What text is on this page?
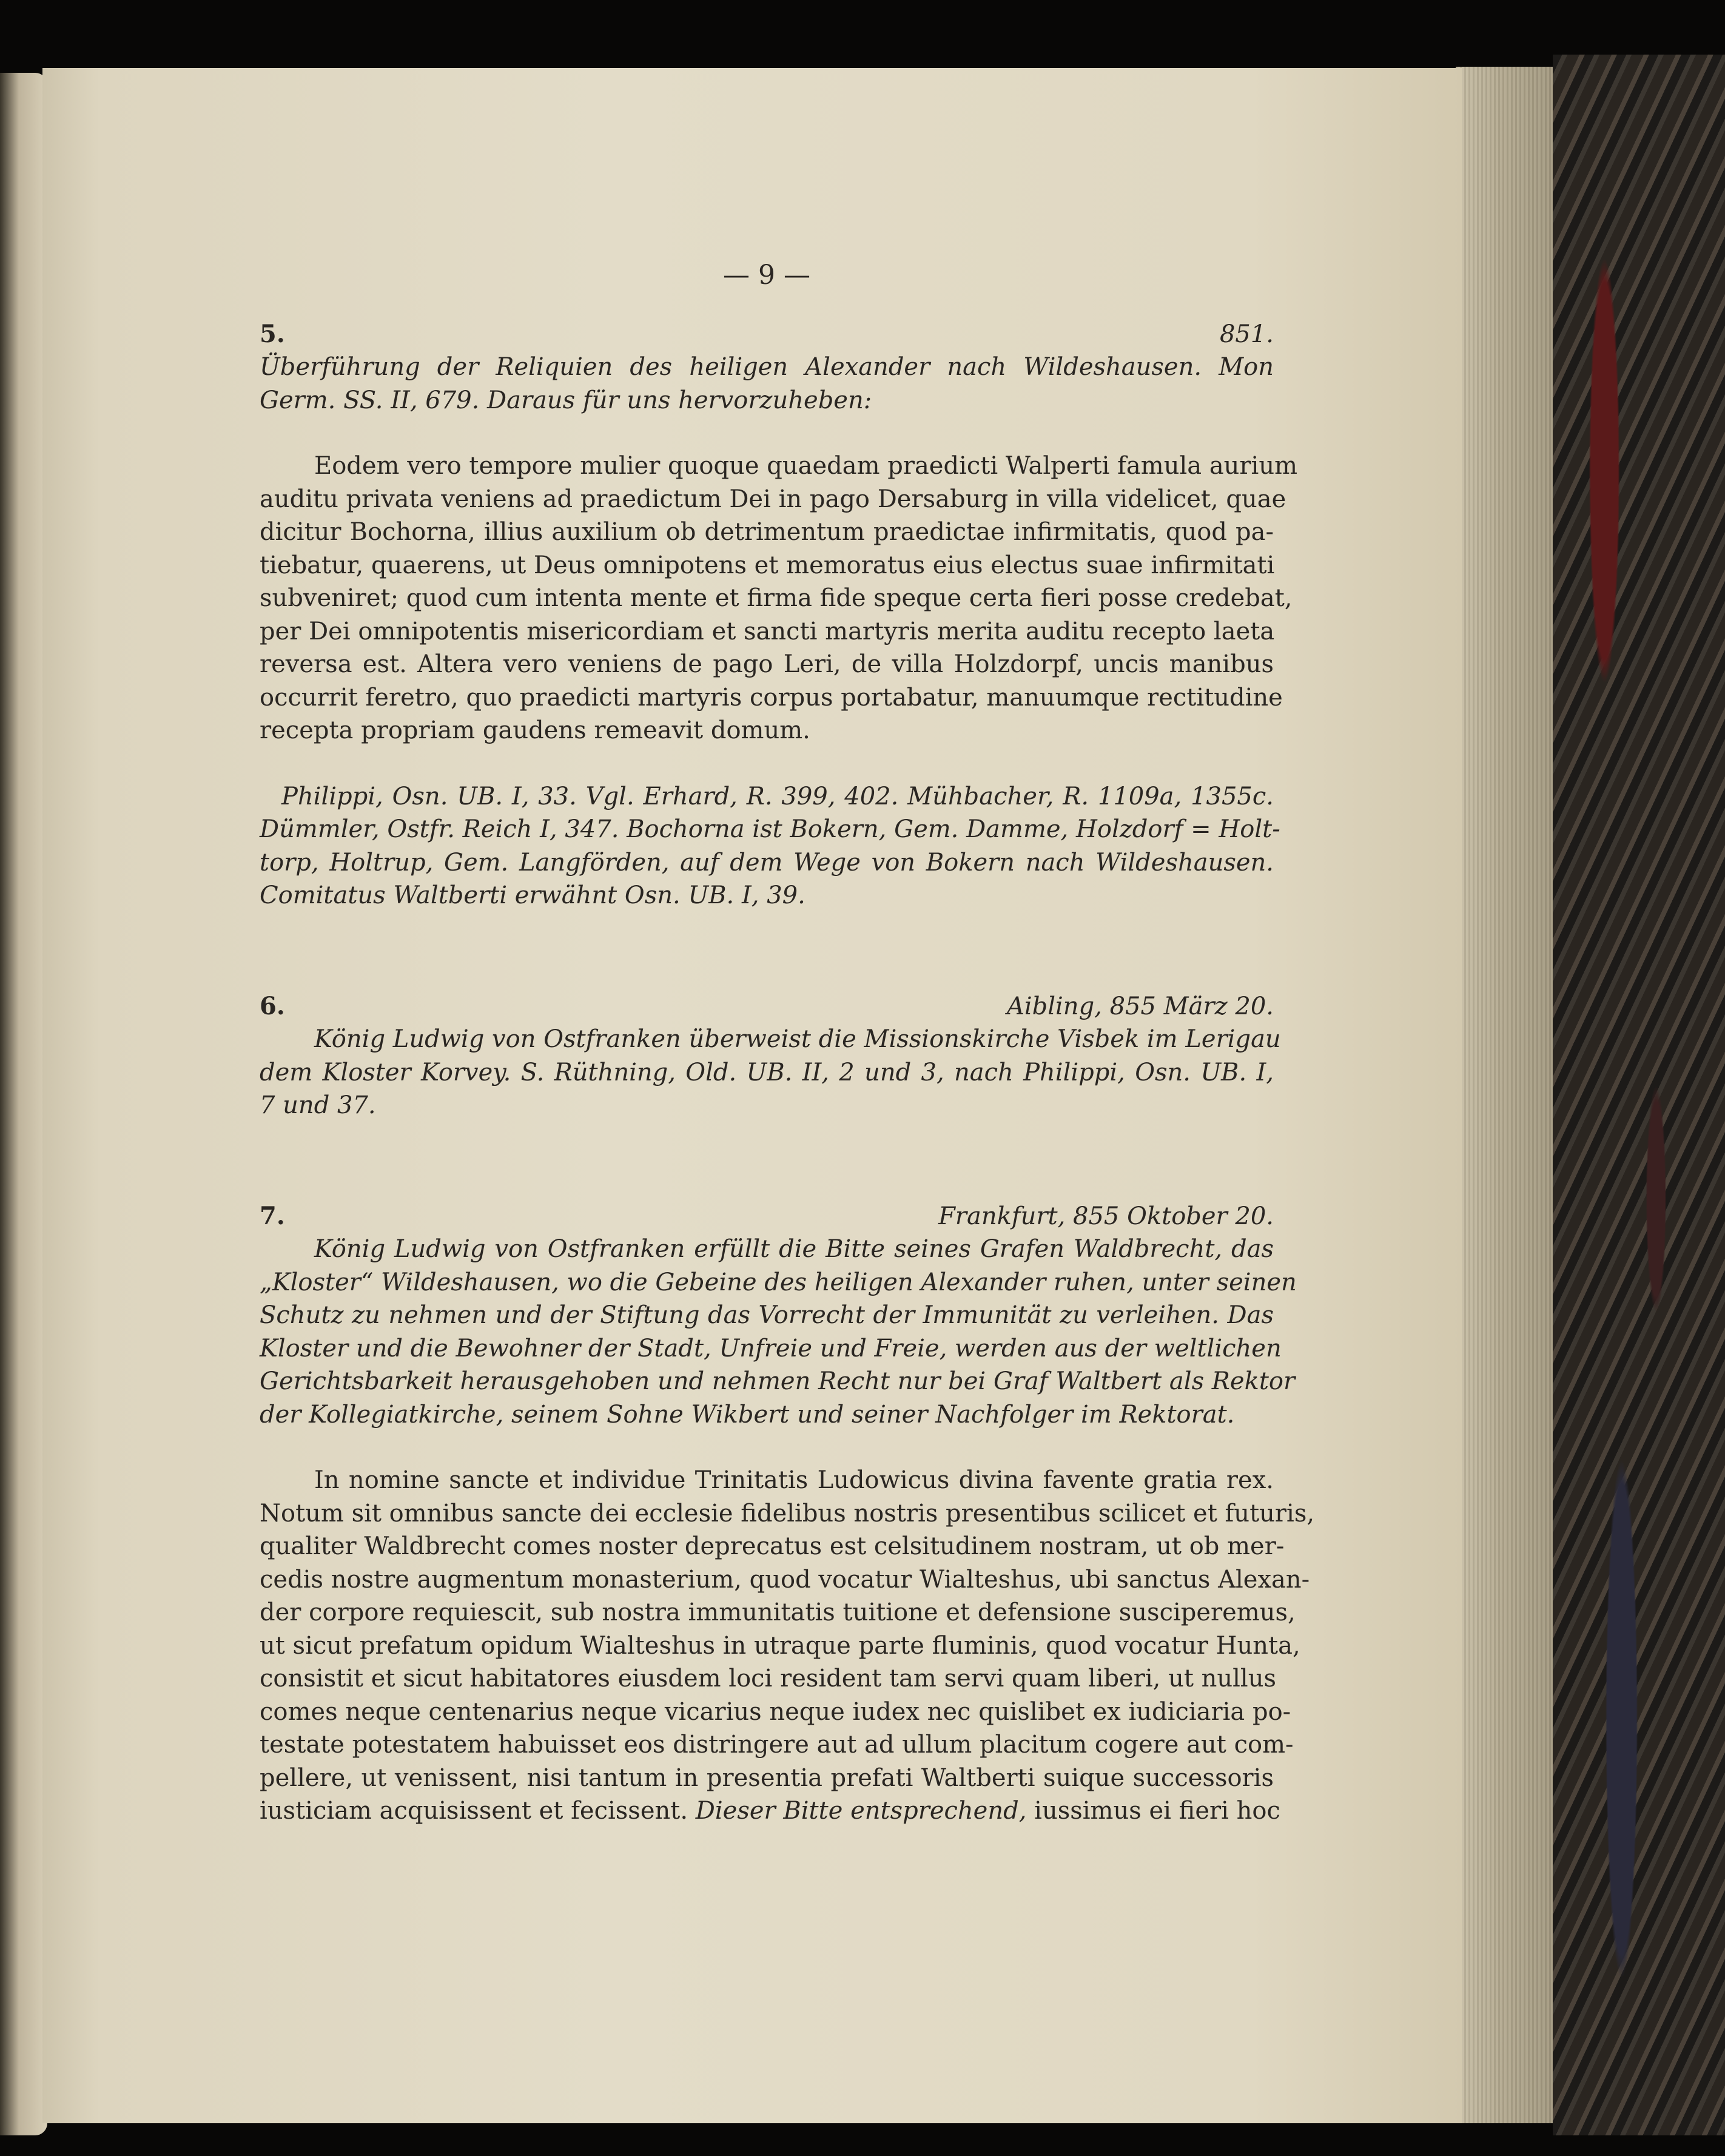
— 9 —
5.	851.
Überführung der Reliquien des heiligen Alexander nach Wildeshausen. Mon
Germ. SS. II, 679. Daraus für uns hervorzuheben:
Eodem vero tempore mulier quoque quaedam praedicti Walperti famula aurium
auditu privata veniens ad praedictum Dei in pago Dersaburg in villa videlicet, quae
dicitur Bochorna, illius auxilium ob detrimentum praedictae infirmitatis, quod pa-
tiebatur, quaerens, ut Deus omnipotens et memoratus eius electus suae infirmitati
subveniret; quod cum intenta mente et firma fide speque certa fieri posse credebat,
per Dei omnipotentis misericordiam et sancti martyris merita auditu recepto laeta
reversa est. Altera vero veniens de pago Leri, de villa Holzdorpf, uncis manibus
occurrit feretro, quo praedicti martyris corpus portabatur, manuumque rectitudine
recepta propriam gaudens remeavit domum.
Philippi, Osn. UB. I, 33. Vgl. Erhard, R. 399, 402. Mühbacher, R. 1109a, 1355c.
Dümmler, Ostfr. Reich I, 347. Bochorna ist Bokern, Gem. Damme, Holzdorf = Holt-
torp, Holtrup, Gem. Langförden, auf dem Wege von Bokern nach Wildeshausen.
Comitatus Waltberti erwähnt Osn. UB. I, 39.
6.	Aibling, 855 März 20.
König Ludwig von Ostfranken überweist die Missionskirche Visbek im Lerigau
dem Kloster Korvey. S. Rüthning, Old. UB. II, 2 und 3, nach Philippi, Osn. UB. I,
7 und 37.
7.	Frankfurt, 855 Oktober 20.
König Ludwig von Ostfranken erfüllt die Bitte seines Grafen Waldbrecht, das
„Kloster“ Wildeshausen, wo die Gebeine des heiligen Alexander ruhen, unter seinen
Schutz zu nehmen und der Stiftung das Vorrecht der Immunität zu verleihen. Das
Kloster und die Bewohner der Stadt, Unfreie und Freie, werden aus der weltlichen
Gerichtsbarkeit herausgehoben und nehmen Recht nur bei Graf Waltbert als Rektor
der Kollegiatkirche, seinem Sohne Wikbert und seiner Nachfolger im Rektorat.
In nomine sancte et individue Trinitatis Ludowicus divina favente gratia rex.
Notum sit omnibus sancte dei ecclesie fidelibus nostris presentibus scilicet et futuris,
qualiter Waldbrecht comes noster deprecatus est celsitudinem nostram, ut ob mer-
cedis nostre augmentum monasterium, quod vocatur Wialteshus, ubi sanctus Alexan-
der corpore requiescit, sub nostra immunitatis tuitione et defensione susciperemus,
ut sicut prefatum opidum Wialteshus in utraque parte fluminis, quod vocatur Hunta,
consistit et sicut habitatores eiusdem loci resident tam servi quam liberi, ut nullus
comes neque centenarius neque vicarius neque iudex nec quislibet ex iudiciaria po-
testate potestatem habuisset eos distringere aut ad ullum placitum cogere aut com-
pellere, ut venissent, nisi tantum in presentia prefati Waltberti suique successoris
iusticiam acquisissent et fecissent. Dieser Bitte entsprechend, iussimus ei fieri hoc
